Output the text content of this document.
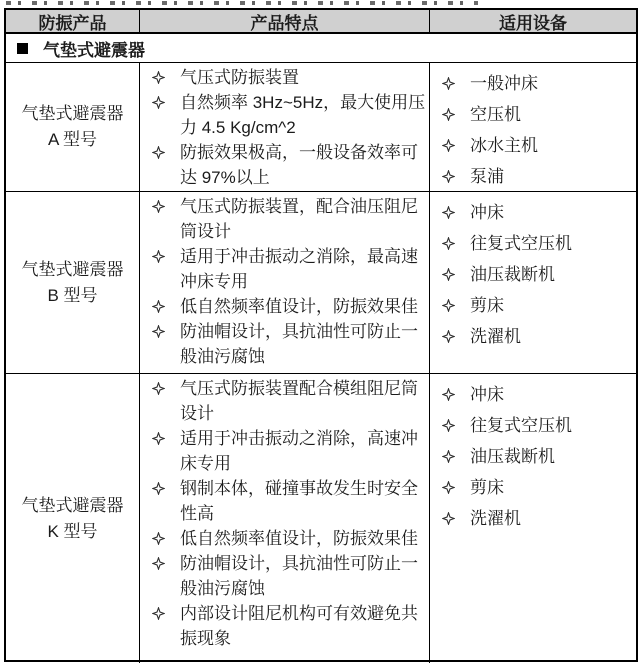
防振产品	产品特点	适用设备
气垫式避震器
气垫式避震器
A 型号
气压式防振装置
自然频率 3Hz~5Hz，最大使用压力 4.5 Kg/cm^2
防振效果极高，一般设备效率可达 97%以上
一般冲床
空压机
冰水主机
泵浦
气垫式避震器
B 型号
气压式防振装置，配合油压阻尼筒设计
适用于冲击振动之消除，最高速冲床专用
低自然频率值设计，防振效果佳
防油帽设计，具抗油性可防止一般油污腐蚀
冲床
往复式空压机
油压裁断机
剪床
洗濯机
气垫式避震器
K 型号
气压式防振装置配合模组阻尼筒设计
适用于冲击振动之消除，高速冲床专用
钢制本体，碰撞事故发生时安全性高
低自然频率值设计，防振效果佳
防油帽设计，具抗油性可防止一般油污腐蚀
内部设计阻尼机构可有效避免共振现象
冲床
往复式空压机
油压裁断机
剪床
洗濯机
